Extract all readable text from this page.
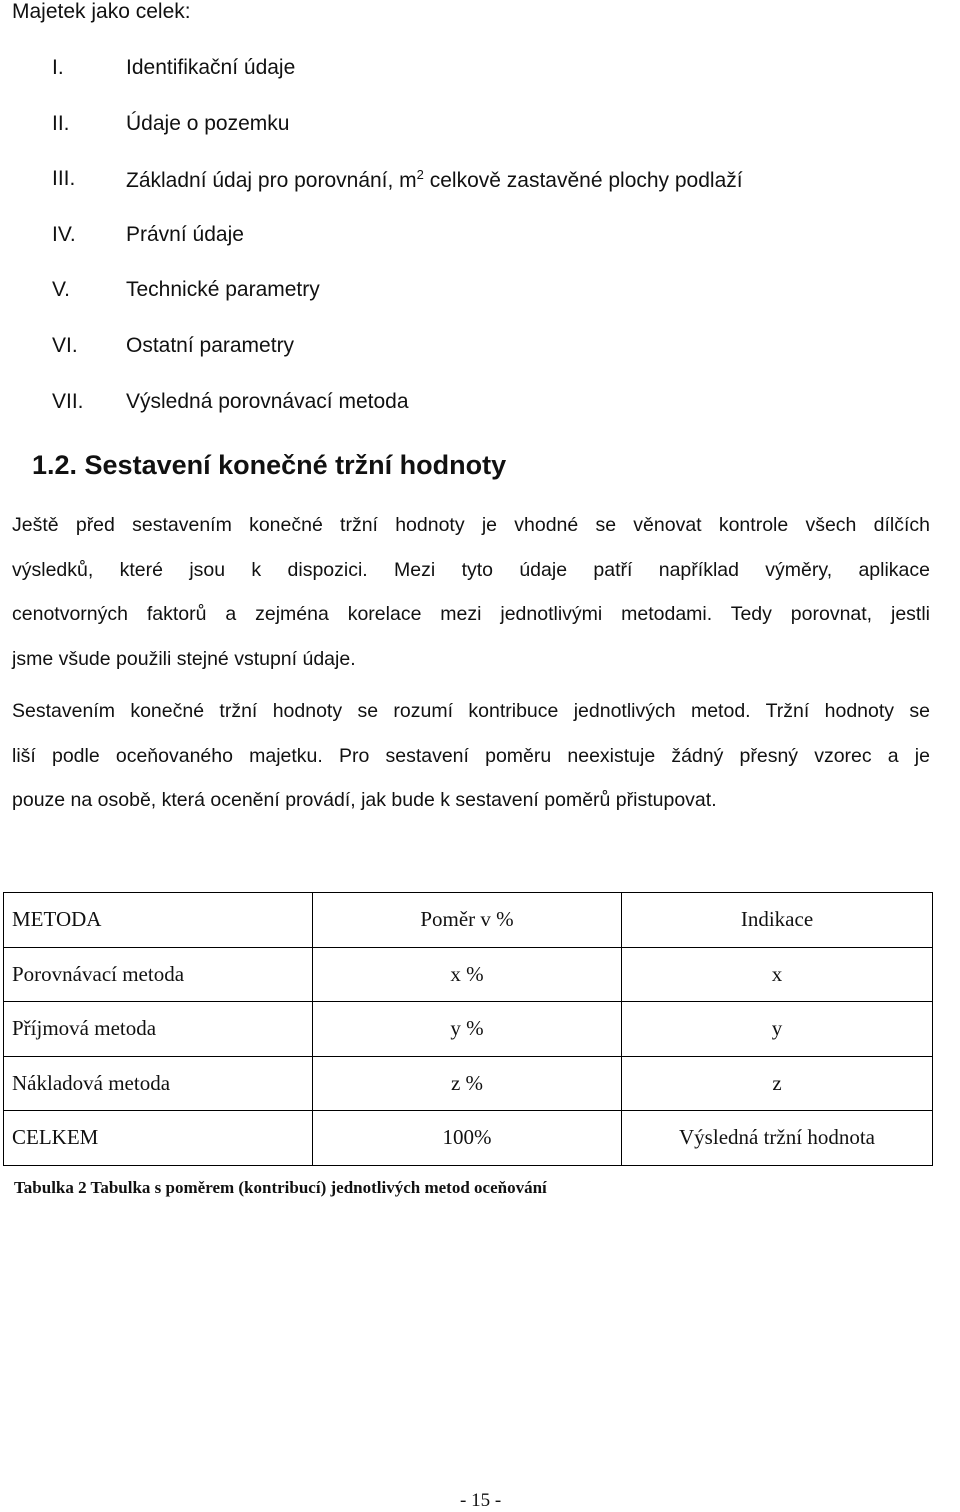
Majetek jako celek:
I.	Identifikační údaje
II.	Údaje o pozemku
III. Základní údaj pro porovnání, $m^2$ celkově zastavěné plochy podlaží
IV. Právní údaje
V.	Technické parametry
VI. Ostatní parametry
VII. Výsledná porovnávací metoda
1.2. Sestavení konečné tržní hodnoty
Ještě před sestavením konečné tržní hodnoty je vhodné se věnovat kontrole všech dílčích
výsledků, které jsou k dispozici. Mezi tyto údaje patří například výměry, aplikace
cenotvorných faktorů a zejména korelace mezi jednotlivými metodami. Tedy porovnat, jestli
jsme všude použili stejné vstupní údaje.
Sestavením konečné tržní hodnoty se rozumí kontribuce jednotlivých metod. Tržní hodnoty se
liší podle oceňovaného majetku. Pro sestavení poměru neexistuje žádný přesný vzorec a je
pouze na osobě, která ocenění provádí, jak bude k sestavení poměrů přistupovat.
METODA	Poměr v %	Indikace
Porovnávací metoda	x %	x
Příjmová metoda	y %	y
Nákladová metoda	z %	z
CELKEM	100%	Výsledná tržní hodnota
Tabulka 2 Tabulka s poměrem (kontribucí) jednotlivých metod oceňování
- 15 -
